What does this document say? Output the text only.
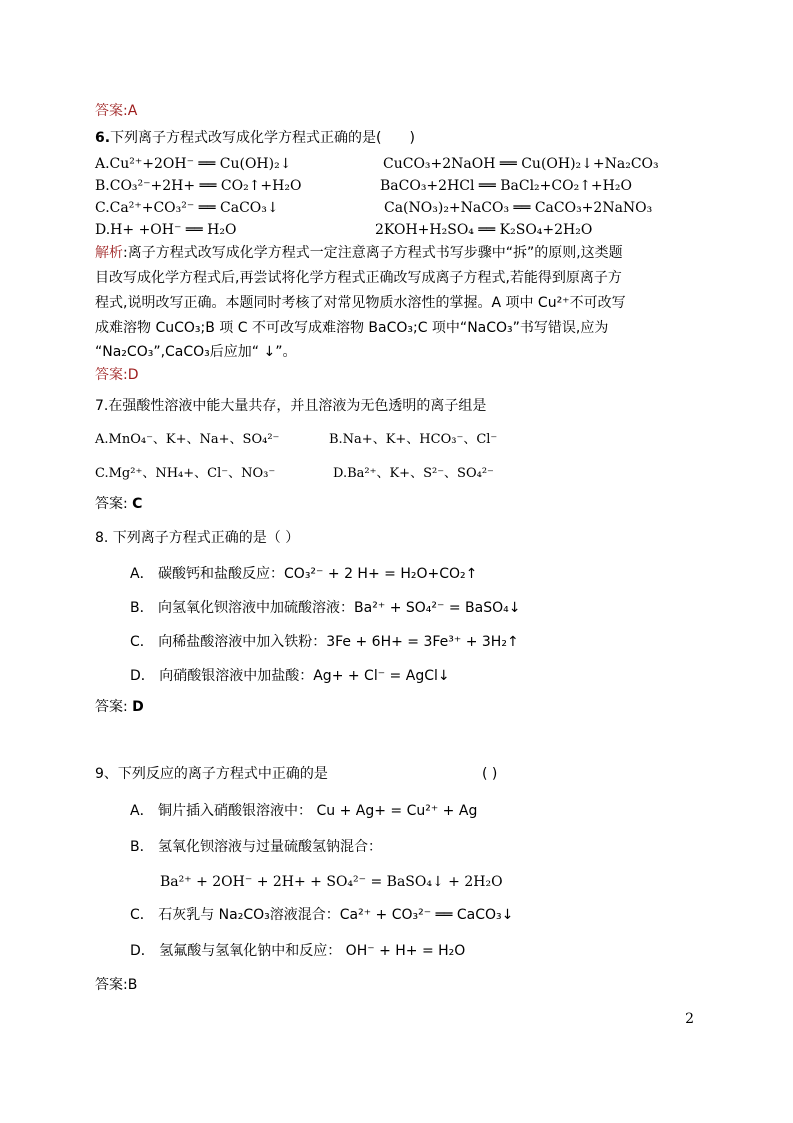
答案:A
6.下列离子方程式改写成化学方程式正确的是(　　)
A.Cu²⁺+2OH⁻ ══ Cu(OH)₂↓	CuCO₃+2NaOH ══ Cu(OH)₂↓+Na₂CO₃
B.CO₃²⁻+2H+ ══ CO₂↑+H₂O	BaCO₃+2HCl ══ BaCl₂+CO₂↑+H₂O
C.Ca²⁺+CO₃²⁻ ══ CaCO₃↓	Ca(NO₃)₂+NaCO₃ ══ CaCO₃+2NaNO₃
D.H+ +OH⁻ ══ H₂O	2KOH+H₂SO₄ ══ K₂SO₄+2H₂O
解析:离子方程式改写成化学方程式一定注意离子方程式书写步骤中“拆”的原则,这类题
目改写成化学方程式后,再尝试将化学方程式正确改写成离子方程式,若能得到原离子方
程式,说明改写正确。本题同时考核了对常见物质水溶性的掌握。A 项中 Cu²⁺不可改写
成难溶物 CuCO₃;B 项 C 不可改写成难溶物 BaCO₃;C 项中“NaCO₃”书写错误,应为
“Na₂CO₃”,CaCO₃后应加“ ↓”。
答案:D
7.在强酸性溶液中能大量共存，并且溶液为无色透明的离子组是
A.MnO₄⁻、K+、Na+、SO₄²⁻	B.Na+、K+、HCO₃⁻、Cl⁻
C.Mg²⁺、NH₄+、Cl⁻、NO₃⁻	D.Ba²⁺、K+、S²⁻、SO₄²⁻
答案: C
8. 下列离子方程式正确的是（ ）
A． 碳酸钙和盐酸反应：CO₃²⁻ + 2 H+ = H₂O+CO₂↑
B． 向氢氧化钡溶液中加硫酸溶液：Ba²⁺ + SO₄²⁻ = BaSO₄↓
C． 向稀盐酸溶液中加入铁粉：3Fe + 6H+ = 3Fe³⁺ + 3H₂↑
D． 向硝酸银溶液中加盐酸：Ag+ + Cl⁻ = AgCl↓
答案: D
9、下列反应的离子方程式中正确的是	( )
A． 铜片插入硝酸银溶液中： Cu + Ag+ = Cu²⁺ + Ag
B． 氢氧化钡溶液与过量硫酸氢钠混合：
Ba²⁺ + 2OH⁻ + 2H+ + SO₄²⁻ = BaSO₄↓ + 2H₂O
C． 石灰乳与 Na₂CO₃溶液混合：Ca²⁺ + CO₃²⁻ ══ CaCO₃↓
D． 氢氟酸与氢氧化钠中和反应： OH⁻ + H+ = H₂O
答案:B
2
